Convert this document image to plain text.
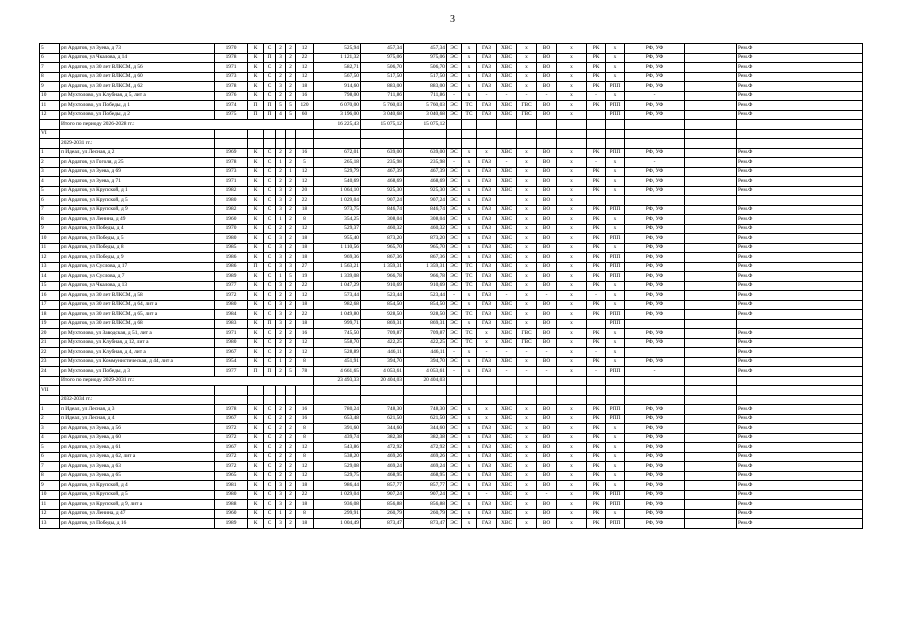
3
5	рп Ардатов, ул Зуева, д 73	1970	К	С	2	2	12	525,94	457,34	457,34	ЭС	х	ГАЗ	ХВС	х	ВО	х	РК	х	РФ, УФ		Рем.Ф
6	рп Ардатов, ул Чкалова, д 14	1978	К	П	3	2	22	1 121,32	975,06	975,06	ЭС	х	ГАЗ	ХВС	х	ВО	х	РК	х	РФ, УФ		Рем.Ф
7	рп Ардатов, ул 30 лет ВЛКСМ, д 56	1971	К	С	2	2	12	582,71	506,70	506,70	ЭС	х	ГАЗ	ХВС	х	ВО	х	РК	х	РФ, УФ		Рем.Ф
8	рп Ардатов, ул 30 лет ВЛКСМ, д 60	1973	К	С	2	2	12	567,50	517,50	517,50	ЭС	х	ГАЗ	ХВС	х	ВО	х	РК	х	РФ, УФ		Рем.Ф
9	рп Ардатов, ул 30 лет ВЛКСМ, д 62	1978	К	С	3	2	18	914,60	883,00	883,00	ЭС	х	ГАЗ	ХВС	х	ВО	х	РК	РПП	РФ, УФ		Рем.Ф
10	рп Мухтолово, ул Клубная, д 5, лит а	1976	К	С	2	2	16	798,00	711,86	711,86	-	х	-	-	-	-	х	-	х	-		Рем.Ф
11	рп Мухтолово, ул Победы, д 1	1974	П	П	5	5	120	6 070,00	5 760,03	5 760,03	ЭС	ТС	ГАЗ	ХВС	ГВС	ВО	х	РК	РПП	РФ, УФ		Рем.Ф
12	рп Мухтолово, ул Победы, д 2	1975	П	П	4	5	60	3 196,00	3 040,68	3 040,68	ЭС	ТС	ГАЗ	ХВС	ГВС	ВО	х		РПП	РФ, УФ		Рем.Ф
	Итого по периоду 2026-2028 гг.:							16 225,43	15 075,12	15 075,12												
VI																						
	2029-2031 гг.:																					
1	п Идеал, ул Лесная, д 2	1969	К	С	2	2	16	672,01	639,00	639,00	ЭС	х	х	ХВС	х	ВО	х	РК	РПП	РФ, УФ		Рем.Ф
2	рп Ардатов, ул Гоголя, д 25	1978	К	С	1	2	5	265,18	235,98	235,98	-	х	ГАЗ	-	х	ВО	х	-	х	-		Рем.Ф
3	рп Ардатов, ул Зуева, д 69	1973	К	С	2	1	12	529,79	467,39	467,39	ЭС	х	ГАЗ	ХВС	х	ВО	х	РК	х	РФ, УФ		Рем.Ф
4	рп Ардатов, ул Зуева, д 71	1971	К	С	2	2	12	540,69	468,69	468,69	ЭС	х	ГАЗ	ХВС	х	ВО	х	РК	х	РФ, УФ		Рем.Ф
5	рп Ардатов, ул Крупской, д 1	1982	К	С	3	2	20	1 064,10	925,30	925,30	ЭС	х	ГАЗ	ХВС	х	ВО	х	РК	х	РФ, УФ		Рем.Ф
6	рп Ардатов, ул Крупской, д 5	1980	К	С	3	2	22	1 029,04	907,24	907,24	ЭС	х	ГАЗ		х	ВО	х					
7	рп Ардатов, ул Крупской, д 9	1982	К	С	3	2	18	973,75	846,74	846,74	ЭС	х	ГАЗ	ХВС	х	ВО	х	РК	РПП	РФ, УФ		Рем.Ф
8	рп Ардатов, ул Ленина, д 49	1960	К	С	1	2	8	354,25	308,04	308,04	ЭС	х	ГАЗ	ХВС	х	ВО	х	РК	х	РФ, УФ		Рем.Ф
9	рп Ардатов, ул Победы, д 4	1970	К	С	2	2	12	529,37	460,32	460,32	ЭС	х	ГАЗ	ХВС	х	ВО	х	РК	х	РФ, УФ		Рем.Ф
10	рп Ардатов, ул Победы, д 5	1980	К	С	3	2	18	955,40	873,20	873,20	ЭС	х	ГАЗ	ХВС	х	ВО	х	РК	РПП	РФ, УФ		Рем.Ф
11	рп Ардатов, ул Победы, д 8	1985	К	С	3	2	18	1 110,56	965,70	965,70	ЭС	х	ГАЗ	ХВС	х	ВО	х	РК	х	РФ, УФ		Рем.Ф
12	рп Ардатов, ул Победы, д 9	1986	К	С	3	2	18	969,36	867,36	867,36	ЭС	х	ГАЗ	ХВС	х	ВО	х	РК	РПП	РФ, УФ		Рем.Ф
13	рп Ардатов, ул Суслова, д 17	1986	П	С	3	3	27	1 563,21	1 359,31	1 359,31	ЭС	ТС	ГАЗ	ХВС	х	ВО	х	РК	РПП	РФ, УФ		Рем.Ф
14	рп Ардатов, ул Суслова, д 7	1989	К	С	1	5	19	1 339,08	966,78	966,78	ЭС	ТС	ГАЗ	ХВС	х	ВО	х	РК	РПП	РФ, УФ		Рем.Ф
15	рп Ардатов, ул Чкалова, д 13	1977	К	С	3	2	22	1 047,29	910,69	910,69	ЭС	ТС	ГАЗ	ХВС	х	ВО	х	РК	х	РФ, УФ		Рем.Ф
16	рп Ардатов, ул 30 лет ВЛКСМ, д 58	1972	К	С	2	2	12	573,44	523,44	523,44	-	х	ГАЗ	-	х	-	х	-	х	РФ, УФ		Рем.Ф
17	рп Ардатов, ул 30 лет ВЛКСМ, д 64, лит а	1980	К	С	3	2	18	982,68	854,50	854,50	ЭС	х	ГАЗ	ХВС	х	ВО	х	РК	х	РФ, УФ		Рем.Ф
18	рп Ардатов, ул 30 лет ВЛКСМ, д 65, лит а	1984	К	С	3	2	22	1 049,80	928,50	928,50	ЭС	ТС	ГАЗ	ХВС	х	ВО	х	РК	РПП	РФ, УФ		Рем.Ф
19	рп Ардатов, ул 30 лет ВЛКСМ, д 68	1983	К	П	3	2	18	999,71	869,31	869,31	ЭС	х	ГАЗ	ХВС	х	ВО	х		РПП			
20	рп Мухтолово, ул Заводская, д 51, лит а	1971	К	С	2	2	16	745,50	709,87	709,87	ЭС	ТС	х	ХВС	ГВС	ВО	х	РК	х	РФ, УФ		Рем.Ф
21	рп Мухтолово, ул Клубная, д 12, лит а	1980	К	С	2	2	12	558,70	422,25	422,25	ЭС	ТС	х	ХВС	ГВС	ВО	х	РК	х	РФ, УФ		Рем.Ф
22	рп Мухтолово, ул Клубная, д 4, лит а	1967	К	С	2	2	12	528,89	446,11	446,11	-	х	-	-	-	-	х	-	х			Рем.Ф
23	рп Мухтолово, ул Коммунистическая, д 44, лит а	1954	К	С	1	2	8	451,91	394,70	394,70	ЭС	х	ГАЗ	ХВС	х	ВО	х	РК	х	РФ, УФ		Рем.Ф
24	рп Мухтолово, ул Победы, д 3	1977	П	П	2	5	78	4 661,65	4 053,61	4 053,61	-	х	ГАЗ	-	-	-	х	-	РПП	-		Рем.Ф
	Итого по периоду 2029-2031 гг.:							23 493,33	20 404,03	20 404,03												
VII																						
	2032-2034 гг.:																					
1	п Идеал, ул Лесная, д 3	1978	К	С	2	2	16	780,24	748,30	748,30	ЭС	х	х	ХВС	х	ВО	х	РК	РПП	РФ, УФ		Рем.Ф
2	п Идеал, ул Лесная, д 4	1967	К	С	2	2	16	653,48	621,50	621,50	ЭС	х	х	ХВС	х	ВО	х	РК	РПП	РФ, УФ		Рем.Ф
3	рп Ардатов, ул Зуева, д 56	1972	К	С	2	2	8	391,60	344,60	344,60	ЭС	х	ГАЗ	ХВС	х	ВО	х	РК	х	РФ, УФ		Рем.Ф
4	рп Ардатов, ул Зуева, д 60	1972	К	С	2	2	8	439,74	382,38	382,38	ЭС	х	ГАЗ	ХВС	х	ВО	х	РК	х	РФ, УФ		Рем.Ф
5	рп Ардатов, ул Зуева, д 61	1967	К	С	2	2	12	543,86	472,92	472,92	ЭС	х	ГАЗ	ХВС	х	ВО	х	РК	х	РФ, УФ		Рем.Ф
6	рп Ардатов, ул Зуева, д 62, лит а	1972	К	С	2	2	8	538,20	469,26	469,26	ЭС	х	ГАЗ	ХВС	х	ВО	х	РК	х	РФ, УФ		Рем.Ф
7	рп Ардатов, ул Зуева, д 63	1972	К	С	2	2	12	529,08	469,24	469,24	ЭС	х	ГАЗ	ХВС	х	ВО	х	РК	х	РФ, УФ		Рем.Ф
8	рп Ардатов, ул Зуева, д 65	1965	К	С	2	2	12	529,75	468,95	468,95	ЭС	х	ГАЗ	ХВС	х	ВО	х	РК	х	РФ, УФ		Рем.Ф
9	рп Ардатов, ул Крупской, д 4	1981	К	С	3	2	18	986,44	857,77	857,77	ЭС	х	ГАЗ	ХВС	х	ВО	х	РК	х	РФ, УФ		Рем.Ф
10	рп Ардатов, ул Крупской, д 5	1980	К	С	3	2	22	1 029,04	907,24	907,24	ЭС	х	-	ХВС	х	-	х	РК	РПП	РФ, УФ		Рем.Ф
11	рп Ардатов, ул Крупской, д 9, лит а	1988	К	С	3	2	18	936,08	856,88	856,88	ЭС	х	ГАЗ	ХВС	х	ВО	х	РК	РПП	РФ, УФ		Рем.Ф
12	рп Ардатов, ул Ленина, д 47	1960	К	С	1	2	8	299,91	260,79	260,79	ЭС	х	ГАЗ	ХВС	х	ВО	х	РК	х	РФ, УФ		Рем.Ф
13	рп Ардатов, ул Победы, д 16	1989	К	С	3	2	18	1 004,49	873,47	873,47	ЭС	х	ГАЗ	ХВС	х	ВО	х	РК	РПП	РФ, УФ		Рем.Ф
